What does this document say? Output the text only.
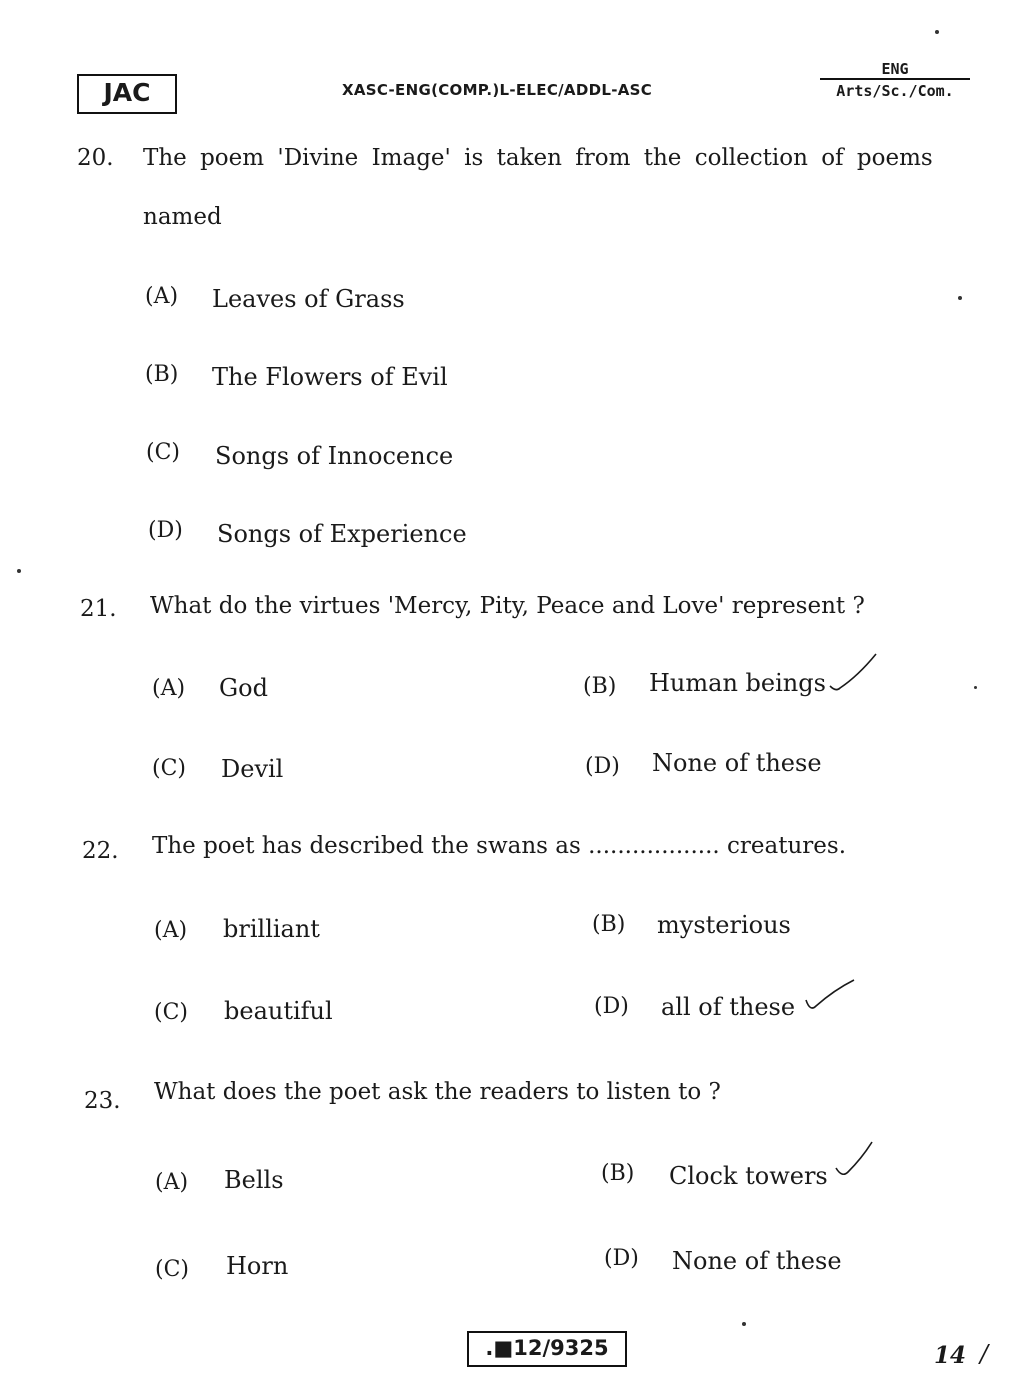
JAC	XASC-ENG(COMP.)L-ELEC/ADDL-ASC
ENG
Arts/Sc./Com.
20. The poem 'Divine Image' is taken from the collection of poems
named
(A) Leaves of Grass
(B) The Flowers of Evil
(C) Songs of Innocence
(D) Songs of Experience
21. What do the virtues 'Mercy, Pity, Peace and Love' represent ?
(A) God	(B) Human beings
(C) Devil	(D) None of these
22. The poet has described the swans as .................. creatures.
(A) brilliant	(B) mysterious
(C) beautiful	(D) all of these
23. What does the poet ask the readers to listen to ?
(A) Bells	(B) Clock towers
(C) Horn	(D) None of these
.■12/9325	14 /
